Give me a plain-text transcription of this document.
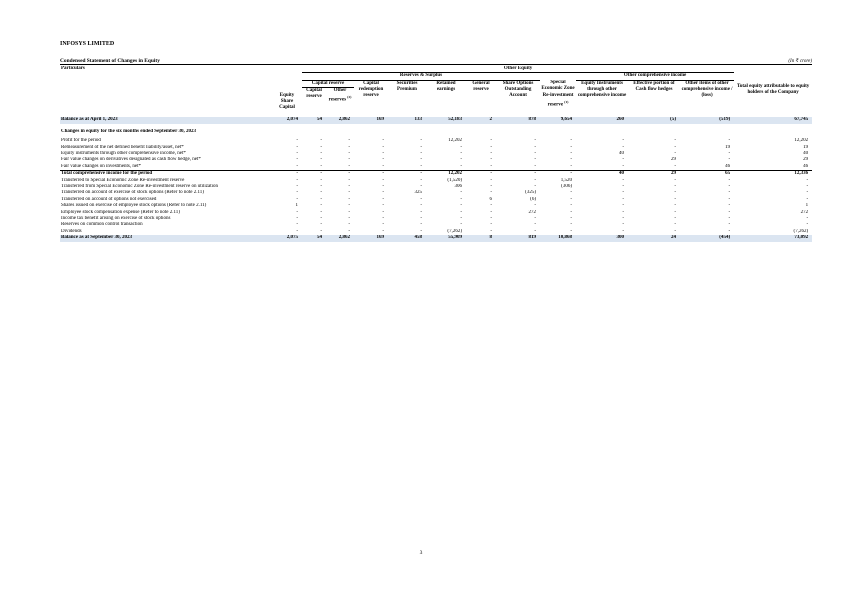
INFOSYS LIMITED
Condensed Statement of Changes in Equity	(In ₹ crore)
Particulars		Other Equity											
		Reserves & Surplus								Other comprehensive income			
	Equity Share Capital	Capital reserve		Capital redemption reserve	Securities Premium	Retained earnings	General reserve	Share Options Outstanding Account	Special Economic Zone Re-investment reserve $^{(1)}$	Equity Instruments through other comprehensive income	Effective portion of Cash flow hedges	Other items of other comprehensive income / (loss)	Total equity attributable to equity holders of the Company
		Capital reserve	Other reserves $^{(2)}$

Balance as at April 1, 2023	2,074	54	2,862	169	133	52,183	2	878	9,654	260	(5)	(519)	67,745

Changes in equity for the six months ended September 30, 2023													

Profit for the period	-	-	-	-	-	12,202	-	-	-	-	-	-	12,202
Remeasurement of the net defined benefit liability/asset, net*	-	-	-	-	-	-	-	-	-	-	-	19	19
Equity instruments through other comprehensive income, net*	-	-	-	-	-	-	-	-	-	40	-	-	40
Fair value changes on derivatives designated as cash flow hedge, net*	-	-	-	-	-	-	-	-	-	-	29	-	29
Fair value changes on investments, net*	-	-	-	-	-	-	-	-	-	-	-	46	46
Total comprehensive income for the period	-	-	-	-	-	12,202	-	-	-	40	29	65	12,336
Transferred to Special Economic Zone Re-investment reserve	-	-	-	-	-	(1,520)	-	-	1,520	-	-	-	-
Transferred from Special Economic Zone Re-investment reserve on utilization	-	-	-	-	-	306	-	-	(306)	-	-	-	-
Transferred on account of exercise of stock options (Refer to note 2.11)	-	-	-	-	325	-	-	(325)	-	-	-	-	-
Transferred on account of options not exercised	-	-	-	-	-	-	6	(6)	-	-	-	-	-
Shares issued on exercise of employee stock options (Refer to note 2.11)	1	-	-	-	-	-	-	-	-	-	-	-	1
Employee stock compensation expense (Refer to note 2.11)	-	-	-	-	-	-	-	272	-	-	-	-	272
Income tax benefit arising on exercise of stock options	-	-	-	-	-	-	-	-	-	-	-	-	-
Reserves on common control transaction	-	-	-	-	-	-	-	-	-	-	-	-	-
Dividends	-	-	-	-	-	(7,262)	-	-	-	-	-	-	(7,262)
Balance as at September 30, 2023	2,075	54	2,862	169	458	55,909	8	819	10,868	300	24	(454)	73,092
3
